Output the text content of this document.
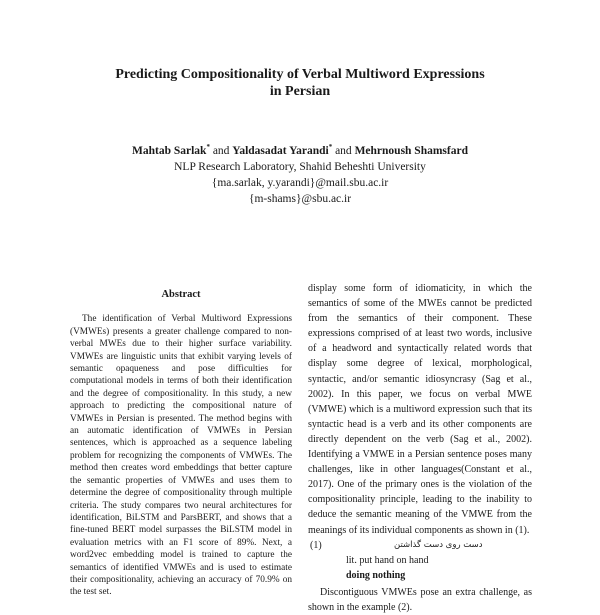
Predicting Compositionality of Verbal Multiword Expressions
in Persian
Mahtab Sarlak* and Yaldasadat Yarandi* and Mehrnoush Shamsfard
NLP Research Laboratory, Shahid Beheshti University
{ma.sarlak, y.yarandi}@mail.sbu.ac.ir
{m-shams}@sbu.ac.ir
Abstract

The identification of Verbal Multiword Expressions (VMWEs) presents a greater challenge compared to non-verbal MWEs due to their higher surface variability. VMWEs are linguistic units that exhibit varying levels of semantic opaqueness and pose difficulties for computational models in terms of both their identification and the degree of compositionality. In this study, a new approach to predicting the compositional nature of VMWEs in Persian is presented. The method begins with an automatic identification of VMWEs in Persian sentences, which is approached as a sequence labeling problem for recognizing the components of VMWEs. The method then creates word embeddings that better capture the semantic properties of VMWEs and uses them to determine the degree of compositionality through multiple criteria. The study compares two neural architectures for identification, BiLSTM and ParsBERT, and shows that a fine-tuned BERT model surpasses the BiLSTM model in evaluation metrics with an F1 score of 89%. Next, a word2vec embedding model is trained to capture the semantics of identified VMWEs and is used to estimate their compositionality, achieving an accuracy of 70.9% on the test set.

display some form of idiomaticity, in which the semantics of some of the MWEs cannot be predicted from the semantics of their component. These expressions comprised of at least two words, inclusive of a headword and syntactically related words that display some degree of lexical, morphological, syntactic, and/or semantic idiosyncrasy (Sag et al., 2002). In this paper, we focus on verbal MWE (VMWE) which is a multiword expression such that its syntactic head is a verb and its other components are directly dependent on the verb (Sag et al., 2002). Identifying a VMWE in a Persian sentence poses many challenges, like in other languages(Constant et al., 2017). One of the primary ones is the violation of the compositionality principle, leading to the inability to deduce the semantic meaning of the VMWE from the meanings of its individual components as shown in (1).

(1)	دست روی دست گذاشتن
lit. put hand on hand
doing nothing

Discontiguous VMWEs pose an extra challenge, as shown in the example (2).
